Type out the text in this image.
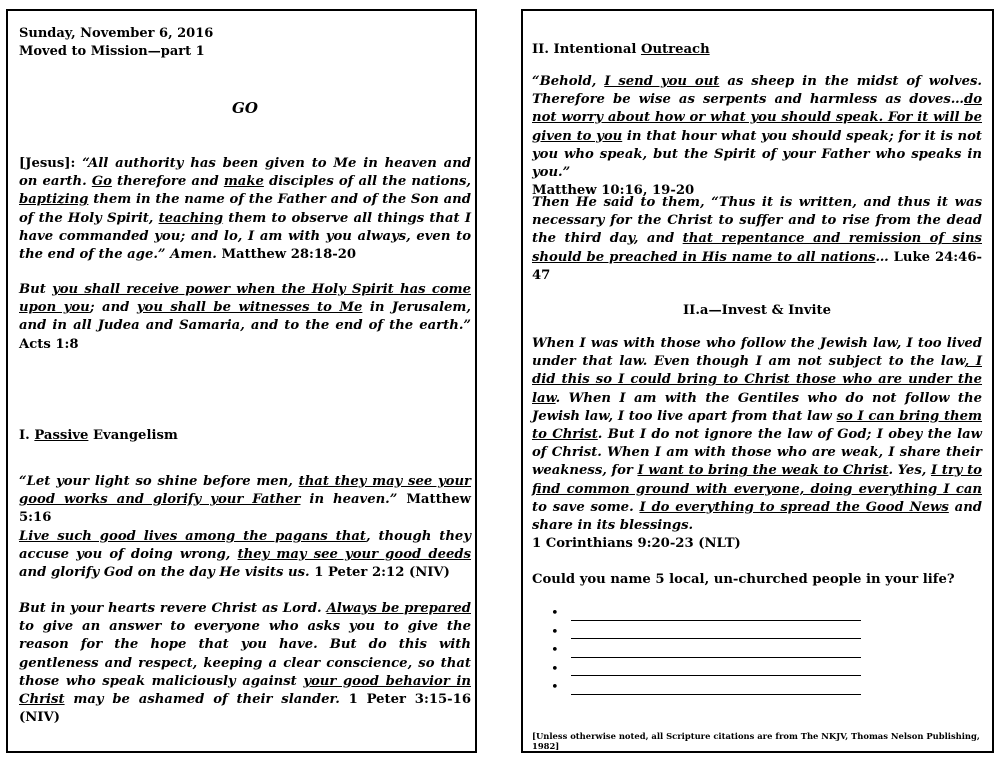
Sunday, November 6, 2016

Moved to Mission—part 1

GO

[Jesus]: “All authority has been given to Me in heaven and on earth. Go therefore and make disciples of all the nations, baptizing them in the name of the Father and of the Son and of the Holy Spirit, teaching them to observe all things that I have commanded you; and lo, I am with you always, even to the end of the age.” Amen. Matthew 28:18-20

But you shall receive power when the Holy Spirit has come upon you; and you shall be witnesses to Me in Jerusalem, and in all Judea and Samaria, and to the end of the earth.” Acts 1:8

I. Passive Evangelism

“Let your light so shine before men, that they may see your good works and glorify your Father in heaven.” Matthew 5:16

Live such good lives among the pagans that, though they accuse you of doing wrong, they may see your good deeds and glorify God on the day He visits us. 1 Peter 2:12 (NIV)

But in your hearts revere Christ as Lord. Always be prepared to give an answer to everyone who asks you to give the reason for the hope that you have. But do this with gentleness and respect, keeping a clear conscience, so that those who speak maliciously against your good behavior in Christ may be ashamed of their slander. 1 Peter 3:15-16 (NIV)

II. Intentional Outreach

“Behold, I send you out as sheep in the midst of wolves. Therefore be wise as serpents and harmless as doves…do not worry about how or what you should speak. For it will be given to you in that hour what you should speak; for it is not you who speak, but the Spirit of your Father who speaks in you.”
Matthew 10:16, 19-20

Then He said to them, “Thus it is written, and thus it was necessary for the Christ to suffer and to rise from the dead the third day, and that repentance and remission of sins should be preached in His name to all nations… Luke 24:46-47

II.a—Invest & Invite

When I was with those who follow the Jewish law, I too lived under that law. Even though I am not subject to the law, I did this so I could bring to Christ those who are under the law. When I am with the Gentiles who do not follow the Jewish law, I too live apart from that law so I can bring them to Christ. But I do not ignore the law of God; I obey the law of Christ. When I am with those who are weak, I share their weakness, for I want to bring the weak to Christ. Yes, I try to find common ground with everyone, doing everything I can to save some. I do everything to spread the Good News and share in its blessings.
1 Corinthians 9:20-23 (NLT)

Could you name 5 local, un-churched people in your life?

•
•
•
•
•

[Unless otherwise noted, all Scripture citations are from The NKJV, Thomas Nelson Publishing, 1982]
